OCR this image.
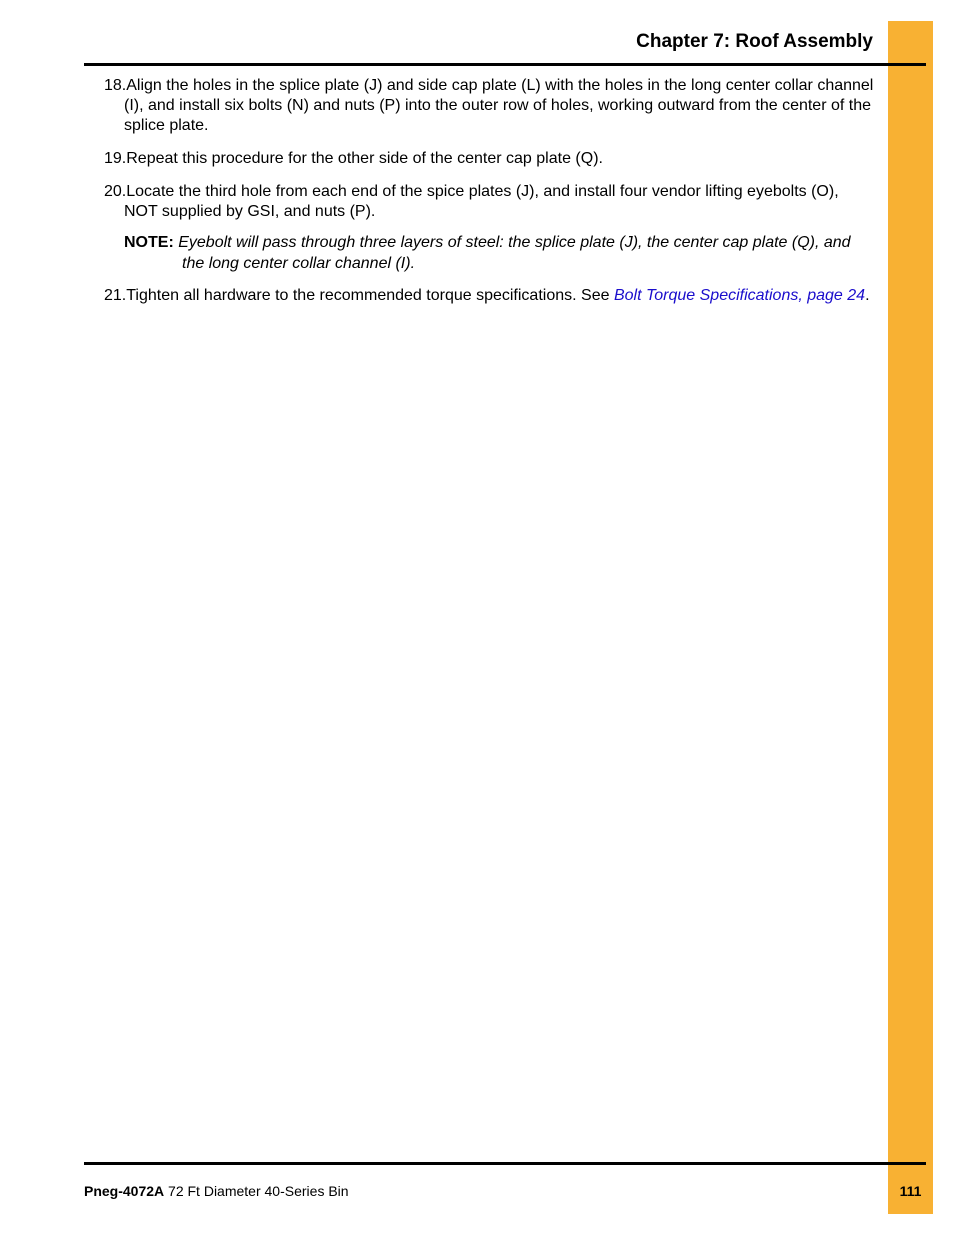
Chapter 7: Roof Assembly

18.Align the holes in the splice plate (J) and side cap plate (L) with the holes in the long center collar channel (I), and install six bolts (N) and nuts (P) into the outer row of holes, working outward from the center of the splice plate.

19.Repeat this procedure for the other side of the center cap plate (Q).

20.Locate the third hole from each end of the spice plates (J), and install four vendor lifting eyebolts (O), NOT supplied by GSI, and nuts (P).

NOTE: Eyebolt will pass through three layers of steel: the splice plate (J), the center cap plate (Q), and the long center collar channel (I).

21.Tighten all hardware to the recommended torque specifications. See Bolt Torque Specifications, page 24.

Pneg-4072A 72 Ft Diameter 40-Series Bin	111
